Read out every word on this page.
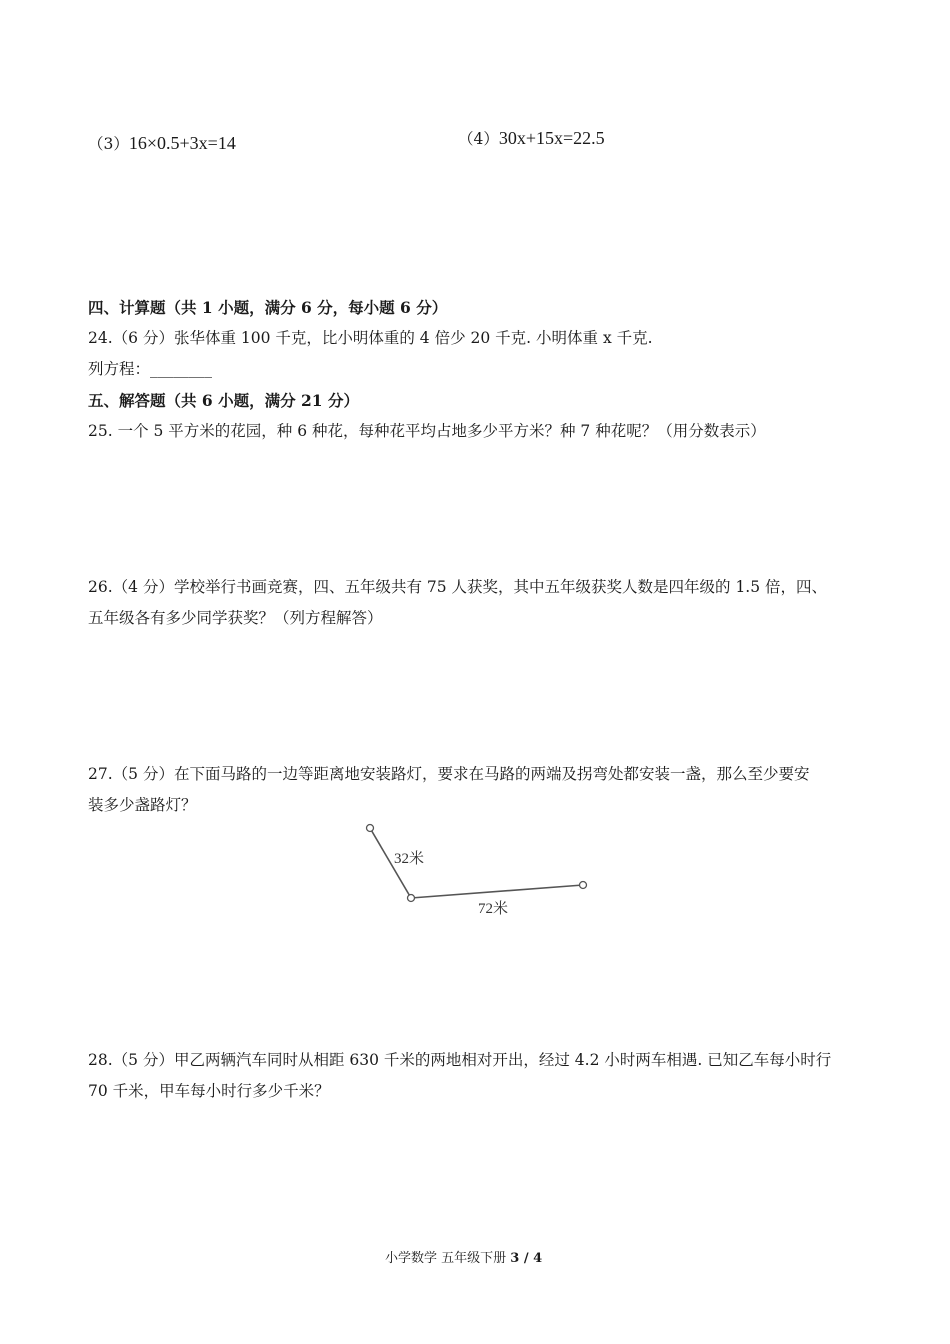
（3）16×0.5+3x=14	（4）30x+15x=22.5
四、计算题（共 1 小题，满分 6 分，每小题 6 分）
24.（6 分）张华体重 100 千克，比小明体重的 4 倍少 20 千克. 小明体重 x 千克.
列方程：________
五、解答题（共 6 小题，满分 21 分）
25. 一个 5 平方米的花园，种 6 种花，每种花平均占地多少平方米？种 7 种花呢？（用分数表示）
26.（4 分）学校举行书画竞赛，四、五年级共有 75 人获奖，其中五年级获奖人数是四年级的 1.5 倍，四、
五年级各有多少同学获奖？（列方程解答）
27.（5 分）在下面马路的一边等距离地安装路灯，要求在马路的两端及拐弯处都安装一盏，那么至少要安
装多少盏路灯？
32米
72米
28.（5 分）甲乙两辆汽车同时从相距 630 千米的两地相对开出，经过 4.2 小时两车相遇. 已知乙车每小时行
70 千米，甲车每小时行多少千米？
小学数学 五年级下册 3 / 4
